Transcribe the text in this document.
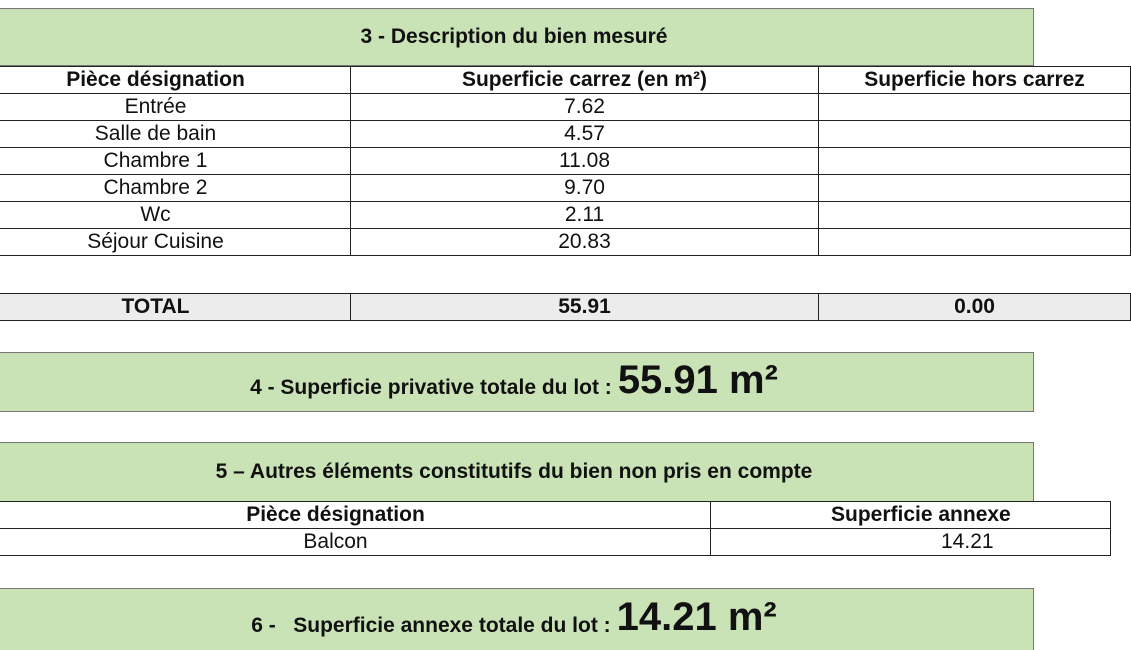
3 - Description du bien mesuré
Pièce désignation	Superficie carrez (en m²)	Superficie hors carrez
Entrée	7.62	
Salle de bain	4.57	
Chambre 1	11.08	
Chambre 2	9.70	
Wc	2.11	
Séjour Cuisine	20.83	
TOTAL	55.91	0.00
4 - Superficie privative totale du lot : 55.91 m²
5 – Autres éléments constitutifs du bien non pris en compte
Pièce désignation	Superficie annexe
Balcon	14.21
6 -   Superficie annexe totale du lot : 14.21 m²
